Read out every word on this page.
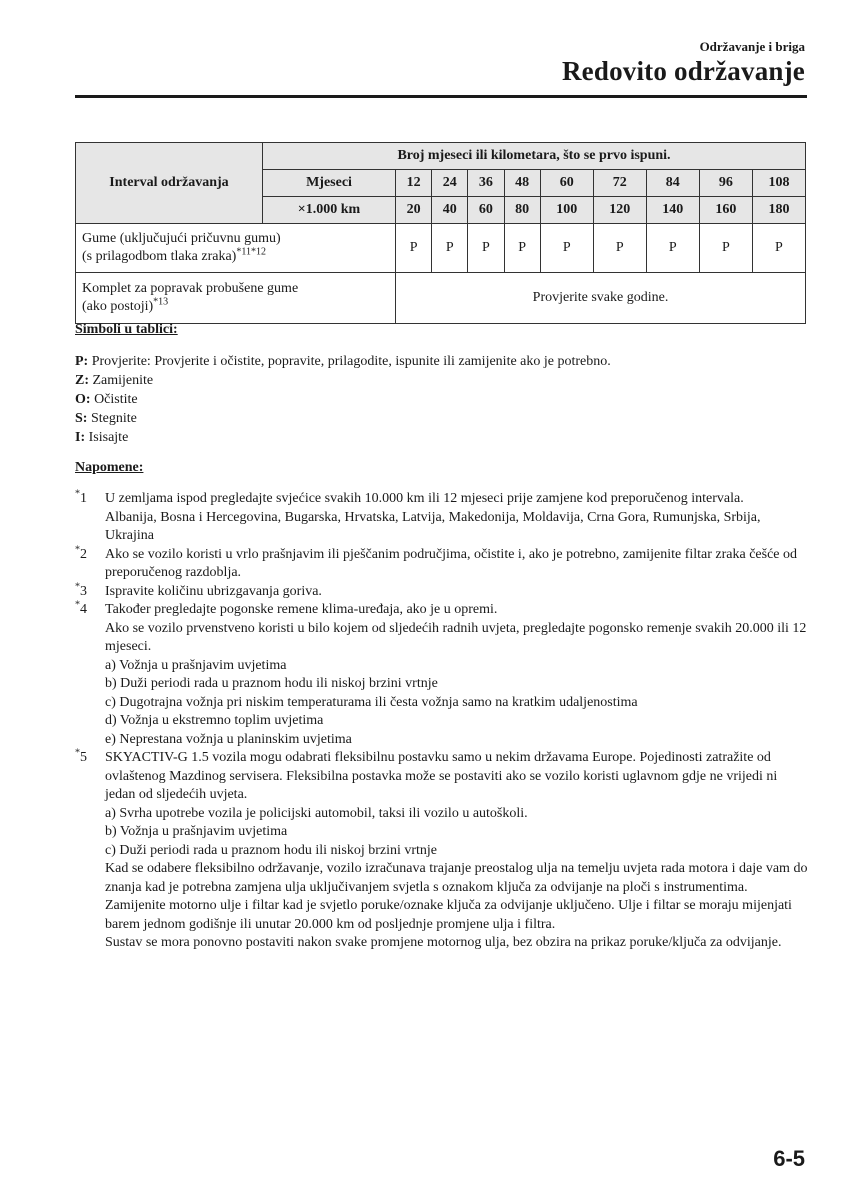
Održavanje i briga
Redovito održavanje
Interval održavanja	Broj mjeseci ili kilometara, što se prvo ispuni.									
	Mjeseci	12	24	36	48	60	72	84	96	108
	×1.000 km	20	40	60	80	100	120	140	160	180
Gume (uključujući pričuvnu gumu)
(s prilagodbom tlaka zraka)$^{*11*12}$		P	P	P	P	P	P	P	P	P
Komplet za popravak probušene gume
(ako postoji)$^{*13}$		Provjerite svake godine.								
Simboli u tablici:
P: Provjerite: Provjerite i očistite, popravite, prilagodite, ispunite ili zamijenite ako je potrebno.
Z: Zamijenite
O: Očistite
S: Stegnite
I: Isisajte
Napomene:
*1 U zemljama ispod pregledajte svjećice svakih 10.000 km ili 12 mjeseci prije zamjene kod preporučenog intervala.

Albanija, Bosna i Hercegovina, Bugarska, Hrvatska, Latvija, Makedonija, Moldavija, Crna Gora, Rumunjska, Srbija, Ukrajina

*2 Ako se vozilo koristi u vrlo prašnjavim ili pješčanim područjima, očistite i, ako je potrebno, zamijenite filtar zraka češće od preporučenog razdoblja.

*3 Ispravite količinu ubrizgavanja goriva.

*4 Također pregledajte pogonske remene klima-uređaja, ako je u opremi.

Ako se vozilo prvenstveno koristi u bilo kojem od sljedećih radnih uvjeta, pregledajte pogonsko remenje svakih 20.000 ili 12 mjeseci.

a) Vožnja u prašnjavim uvjetima

b) Duži periodi rada u praznom hodu ili niskoj brzini vrtnje

c) Dugotrajna vožnja pri niskim temperaturama ili česta vožnja samo na kratkim udaljenostima

d) Vožnja u ekstremno toplim uvjetima

e) Neprestana vožnja u planinskim uvjetima

*5 SKYACTIV-G 1.5 vozila mogu odabrati fleksibilnu postavku samo u nekim državama Europe. Pojedinosti zatražite od ovlaštenog Mazdinog servisera. Fleksibilna postavka može se postaviti ako se vozilo koristi uglavnom gdje ne vrijedi ni jedan od sljedećih uvjeta.

a) Svrha upotrebe vozila je policijski automobil, taksi ili vozilo u autoškoli.

b) Vožnja u prašnjavim uvjetima

c) Duži periodi rada u praznom hodu ili niskoj brzini vrtnje

Kad se odabere fleksibilno održavanje, vozilo izračunava trajanje preostalog ulja na temelju uvjeta rada motora i daje vam do znanja kad je potrebna zamjena ulja uključivanjem svjetla s oznakom ključa za odvijanje na ploči s instrumentima.

Zamijenite motorno ulje i filtar kad je svjetlo poruke/oznake ključa za odvijanje uključeno. Ulje i filtar se moraju mijenjati barem jednom godišnje ili unutar 20.000 km od posljednje promjene ulja i filtra.

Sustav se mora ponovno postaviti nakon svake promjene motornog ulja, bez obzira na prikaz poruke/ključa za odvijanje.

6-5
